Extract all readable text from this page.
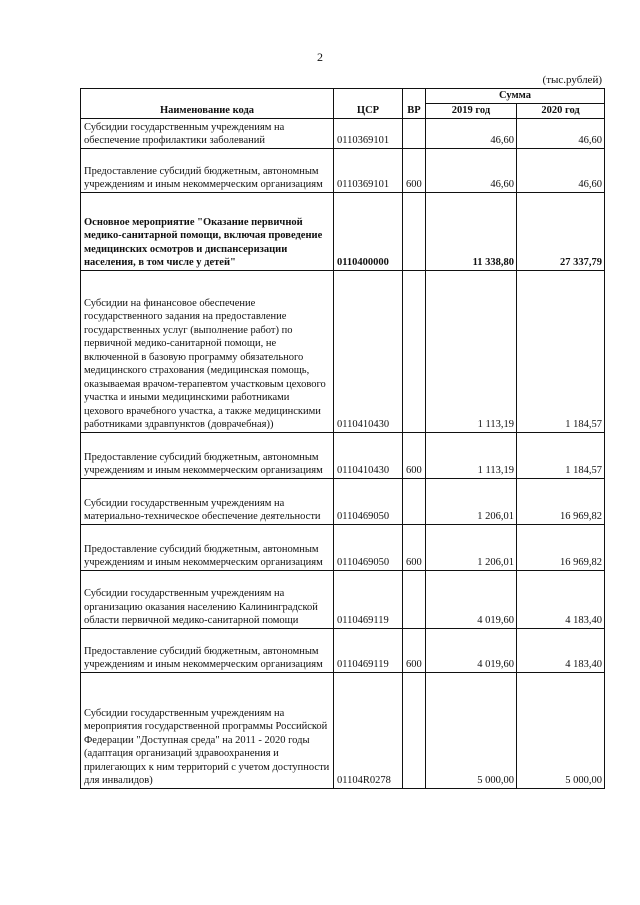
2
(тыс.рублей)
Наименование кода	ЦСР	ВР	Сумма	
			2019 год	2020 год
Субсидии государственным учреждениям на обеспечение профилактики заболеваний	0110369101		46,60	46,60
Предоставление субсидий бюджетным, автономным учреждениям и иным некоммерческим организациям	0110369101	600	46,60	46,60
Основное мероприятие "Оказание первичной медико-санитарной помощи, включая проведение медицинских осмотров и диспансеризации населения, в том числе у детей"	0110400000		11 338,80	27 337,79
Субсидии на финансовое обеспечение государственного задания на предоставление государственных услуг (выполнение работ) по первичной медико-санитарной помощи, не включенной в базовую программу обязательного медицинского страхования (медицинская помощь, оказываемая врачом-терапевтом участковым цехового участка и иными медицинскими работниками цехового врачебного участка, а также медицинскими работниками здравпунктов (доврачебная))	0110410430		1 113,19	1 184,57
Предоставление субсидий бюджетным, автономным учреждениям и иным некоммерческим организациям	0110410430	600	1 113,19	1 184,57
Субсидии государственным учреждениям на материально-техническое обеспечение деятельности	0110469050		1 206,01	16 969,82
Предоставление субсидий бюджетным, автономным учреждениям и иным некоммерческим организациям	0110469050	600	1 206,01	16 969,82
Субсидии государственным учреждениям на организацию оказания населению Калининградской области первичной медико-санитарной помощи	0110469119		4 019,60	4 183,40
Предоставление субсидий бюджетным, автономным учреждениям и иным некоммерческим организациям	0110469119	600	4 019,60	4 183,40
Субсидии государственным учреждениям на мероприятия государственной программы Российской Федерации "Доступная среда" на 2011 - 2020 годы (адаптация организаций здравоохранения и прилегающих к ним территорий с учетом доступности для инвалидов)	01104R0278		5 000,00	5 000,00
